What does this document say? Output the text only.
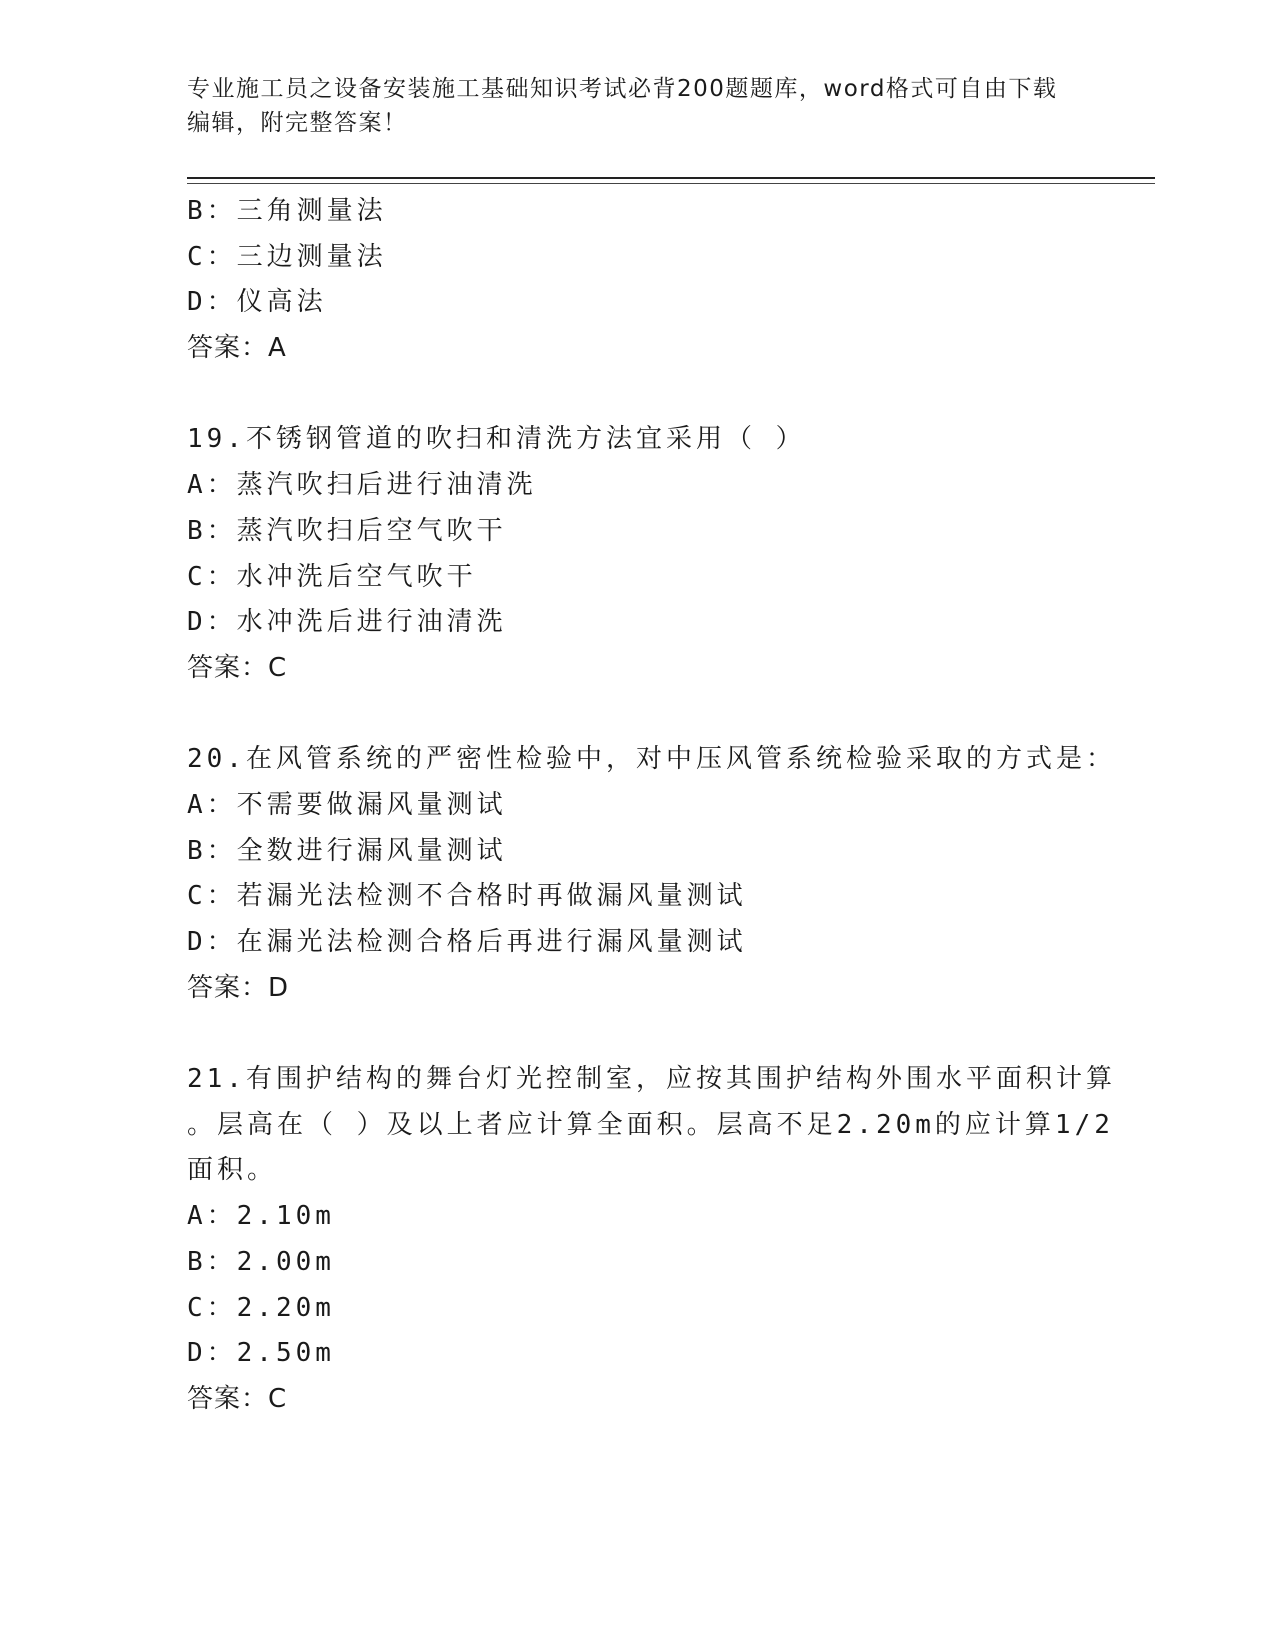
专业施工员之设备安装施工基础知识考试必背200题题库，word格式可自由下载
编辑，附完整答案！
B：三角测量法
C：三边测量法
D：仪高法
答案：A
19.不锈钢管道的吹扫和清洗方法宜采用（ ）
A：蒸汽吹扫后进行油清洗
B：蒸汽吹扫后空气吹干
C：水冲洗后空气吹干
D：水冲洗后进行油清洗
答案：C
20.在风管系统的严密性检验中，对中压风管系统检验采取的方式是：
A：不需要做漏风量测试
B：全数进行漏风量测试
C：若漏光法检测不合格时再做漏风量测试
D：在漏光法检测合格后再进行漏风量测试
答案：D
21.有围护结构的舞台灯光控制室，应按其围护结构外围水平面积计算
。层高在（ ）及以上者应计算全面积。层高不足2.20m的应计算1/2
面积。
A：2.10m
B：2.00m
C：2.20m
D：2.50m
答案：C
